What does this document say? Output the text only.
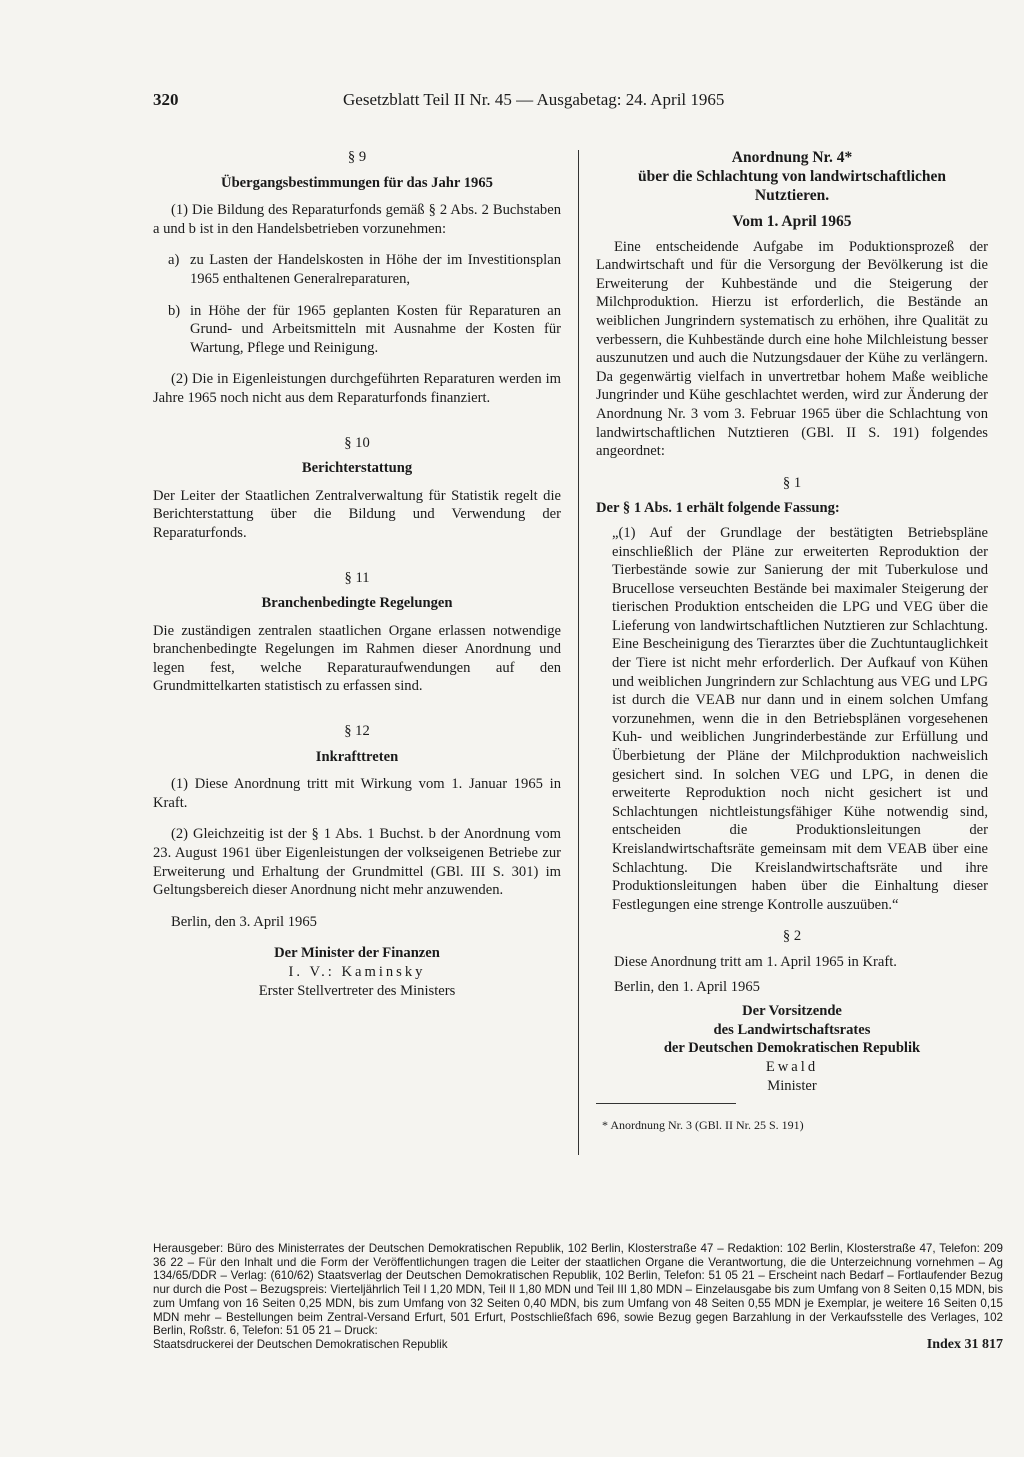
320	Gesetzblatt Teil II Nr. 45 — Ausgabetag: 24. April 1965

§ 9

Übergangsbestimmungen für das Jahr 1965

(1) Die Bildung des Reparaturfonds gemäß § 2 Abs. 2 Buchstaben a und b ist in den Handelsbetrieben vorzunehmen:

a) zu Lasten der Handelskosten in Höhe der im Investitionsplan 1965 enthaltenen Generalreparaturen,
b) in Höhe der für 1965 geplanten Kosten für Reparaturen an Grund- und Arbeitsmitteln mit Ausnahme der Kosten für Wartung, Pflege und Reinigung.

(2) Die in Eigenleistungen durchgeführten Reparaturen werden im Jahre 1965 noch nicht aus dem Reparaturfonds finanziert.

§ 10

Berichterstattung

Der Leiter der Staatlichen Zentralverwaltung für Statistik regelt die Berichterstattung über die Bildung und Verwendung der Reparaturfonds.

§ 11

Branchenbedingte Regelungen

Die zuständigen zentralen staatlichen Organe erlassen notwendige branchenbedingte Regelungen im Rahmen dieser Anordnung und legen fest, welche Reparaturaufwendungen auf den Grundmittelkarten statistisch zu erfassen sind.

§ 12

Inkrafttreten

(1) Diese Anordnung tritt mit Wirkung vom 1. Januar 1965 in Kraft.

(2) Gleichzeitig ist der § 1 Abs. 1 Buchst. b der Anordnung vom 23. August 1961 über Eigenleistungen der volkseigenen Betriebe zur Erweiterung und Erhaltung der Grundmittel (GBl. III S. 301) im Geltungsbereich dieser Anordnung nicht mehr anzuwenden.

Berlin, den 3. April 1965

Der Minister der Finanzen

I. V.: Kaminsky

Erster Stellvertreter des Ministers

Anordnung Nr. 4*

über die Schlachtung von landwirtschaftlichen

Nutztieren.

Vom 1. April 1965

Eine entscheidende Aufgabe im Poduktionsprozeß der Landwirtschaft und für die Versorgung der Bevölkerung ist die Erweiterung der Kuhbestände und die Steigerung der Milchproduktion. Hierzu ist erforderlich, die Bestände an weiblichen Jungrindern systematisch zu erhöhen, ihre Qualität zu verbessern, die Kuhbestände durch eine hohe Milchleistung besser auszunutzen und auch die Nutzungsdauer der Kühe zu verlängern. Da gegenwärtig vielfach in unvertretbar hohem Maße weibliche Jungrinder und Kühe geschlachtet werden, wird zur Änderung der Anordnung Nr. 3 vom 3. Februar 1965 über die Schlachtung von landwirtschaftlichen Nutztieren (GBl. II S. 191) folgendes angeordnet:

§ 1

Der § 1 Abs. 1 erhält folgende Fassung:

„(1) Auf der Grundlage der bestätigten Betriebspläne einschließlich der Pläne zur erweiterten Reproduktion der Tierbestände sowie zur Sanierung der mit Tuberkulose und Brucellose verseuchten Bestände bei maximaler Steigerung der tierischen Produktion entscheiden die LPG und VEG über die Lieferung von landwirtschaftlichen Nutztieren zur Schlachtung. Eine Bescheinigung des Tierarztes über die Zuchtuntauglichkeit der Tiere ist nicht mehr erforderlich. Der Aufkauf von Kühen und weiblichen Jungrindern zur Schlachtung aus VEG und LPG ist durch die VEAB nur dann und in einem solchen Umfang vorzunehmen, wenn die in den Betriebsplänen vorgesehenen Kuh- und weiblichen Jungrinderbestände zur Erfüllung und Überbietung der Pläne der Milchproduktion nachweislich gesichert sind. In solchen VEG und LPG, in denen die erweiterte Reproduktion noch nicht gesichert ist und Schlachtungen nichtleistungsfähiger Kühe notwendig sind, entscheiden die Produktionsleitungen der Kreislandwirtschaftsräte gemeinsam mit dem VEAB über eine Schlachtung. Die Kreislandwirtschaftsräte und ihre Produktionsleitungen haben über die Einhaltung dieser Festlegungen eine strenge Kontrolle auszuüben.“

§ 2

Diese Anordnung tritt am 1. April 1965 in Kraft.

Berlin, den 1. April 1965

Der Vorsitzende

des Landwirtschaftsrates

der Deutschen Demokratischen Republik

Ewald

Minister

* Anordnung Nr. 3 (GBl. II Nr. 25 S. 191)

Herausgeber: Büro des Ministerrates der Deutschen Demokratischen Republik, 102 Berlin, Klosterstraße 47 – Redaktion: 102 Berlin, Klosterstraße 47, Telefon: 209 36 22 – Für den Inhalt und die Form der Veröffentlichungen tragen die Leiter der staatlichen Organe die Verantwortung, die die Unterzeichnung vornehmen – Ag 134/65/DDR – Verlag: (610/62) Staatsverlag der Deutschen Demokratischen Republik, 102 Berlin, Telefon: 51 05 21 – Erscheint nach Bedarf – Fortlaufender Bezug nur durch die Post – Bezugspreis: Vierteljährlich Teil I 1,20 MDN, Teil II 1,80 MDN und Teil III 1,80 MDN – Einzelausgabe bis zum Umfang von 8 Seiten 0,15 MDN, bis zum Umfang von 16 Seiten 0,25 MDN, bis zum Umfang von 32 Seiten 0,40 MDN, bis zum Umfang von 48 Seiten 0,55 MDN je Exemplar, je weitere 16 Seiten 0,15 MDN mehr – Bestellungen beim Zentral-Versand Erfurt, 501 Erfurt, Postschließfach 696, sowie Bezug gegen Barzahlung in der Verkaufsstelle des Verlages, 102 Berlin, Roßstr. 6, Telefon: 51 05 21 – Druck:
Staatsdruckerei der Deutschen Demokratischen Republik	Index 31 817
